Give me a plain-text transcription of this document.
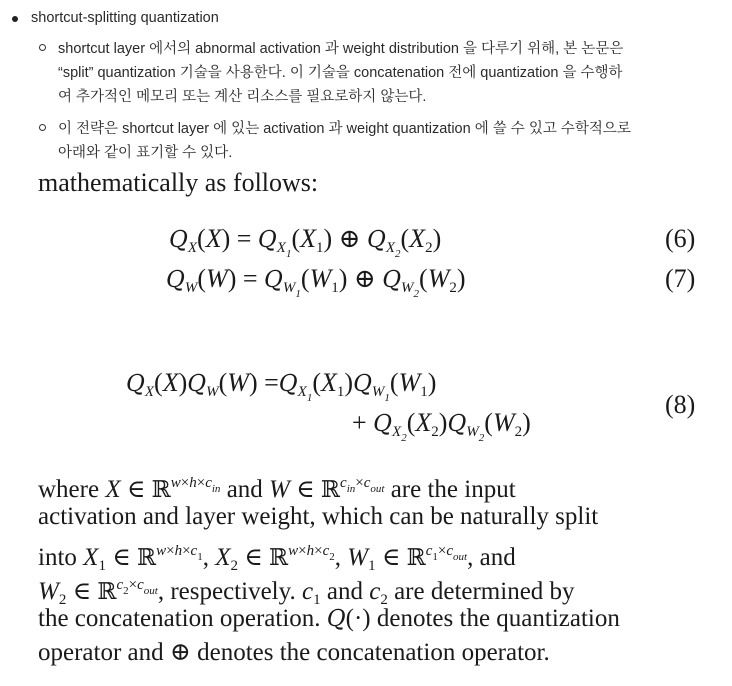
shortcut-splitting quantization
shortcut layer 에서의 abnormal activation 과 weight distribution 을 다루기 위해, 본 논문은
“split” quantization 기술을 사용한다. 이 기술을 concatenation 전에 quantization 을 수행하
여 추가적인 메모리 또는 계산 리소스를 필요로하지 않는다.
이 전략은 shortcut layer 에 있는 activation 과 weight quantization 에 쓸 수 있고 수학적으로
아래와 같이 표기할 수 있다.
mathematically as follows:
$Q_X(X) = Q_{X_1}(X_1)$ ⊕ $Q_{X_2}(X_2)$	(6)
$Q_W(W) = Q_{W_1}(W_1)$ ⊕ $Q_{W_2}(W_2)$	(7)
$Q_X(X)Q_W(W) =Q_{X_1}(X_1)Q_{W_1}(W_1)$
+ $Q_{X_2}(X_2)Q_{W_2}(W_2)$
(8)
where X ∈ ℝ$^{w\times h\times c_{in}}$ and W ∈ ℝ$^{c_{in}\times c_{out}}$ are the input
activation and layer weight, which can be naturally split
into $X_1$ ∈ ℝ$^{w\times h\times c_1}$, $X_2$ ∈ ℝ$^{w\times h\times c_2}$, $W_1$ ∈ ℝ$^{c_1\times c_{out}}$, and
$W_2$ ∈ ℝ$^{c_2\times c_{out}}$, respectively. $c_1$ and $c_2$ are determined by
the concatenation operation. Q(·) denotes the quantization
operator and ⊕ denotes the concatenation operator.
